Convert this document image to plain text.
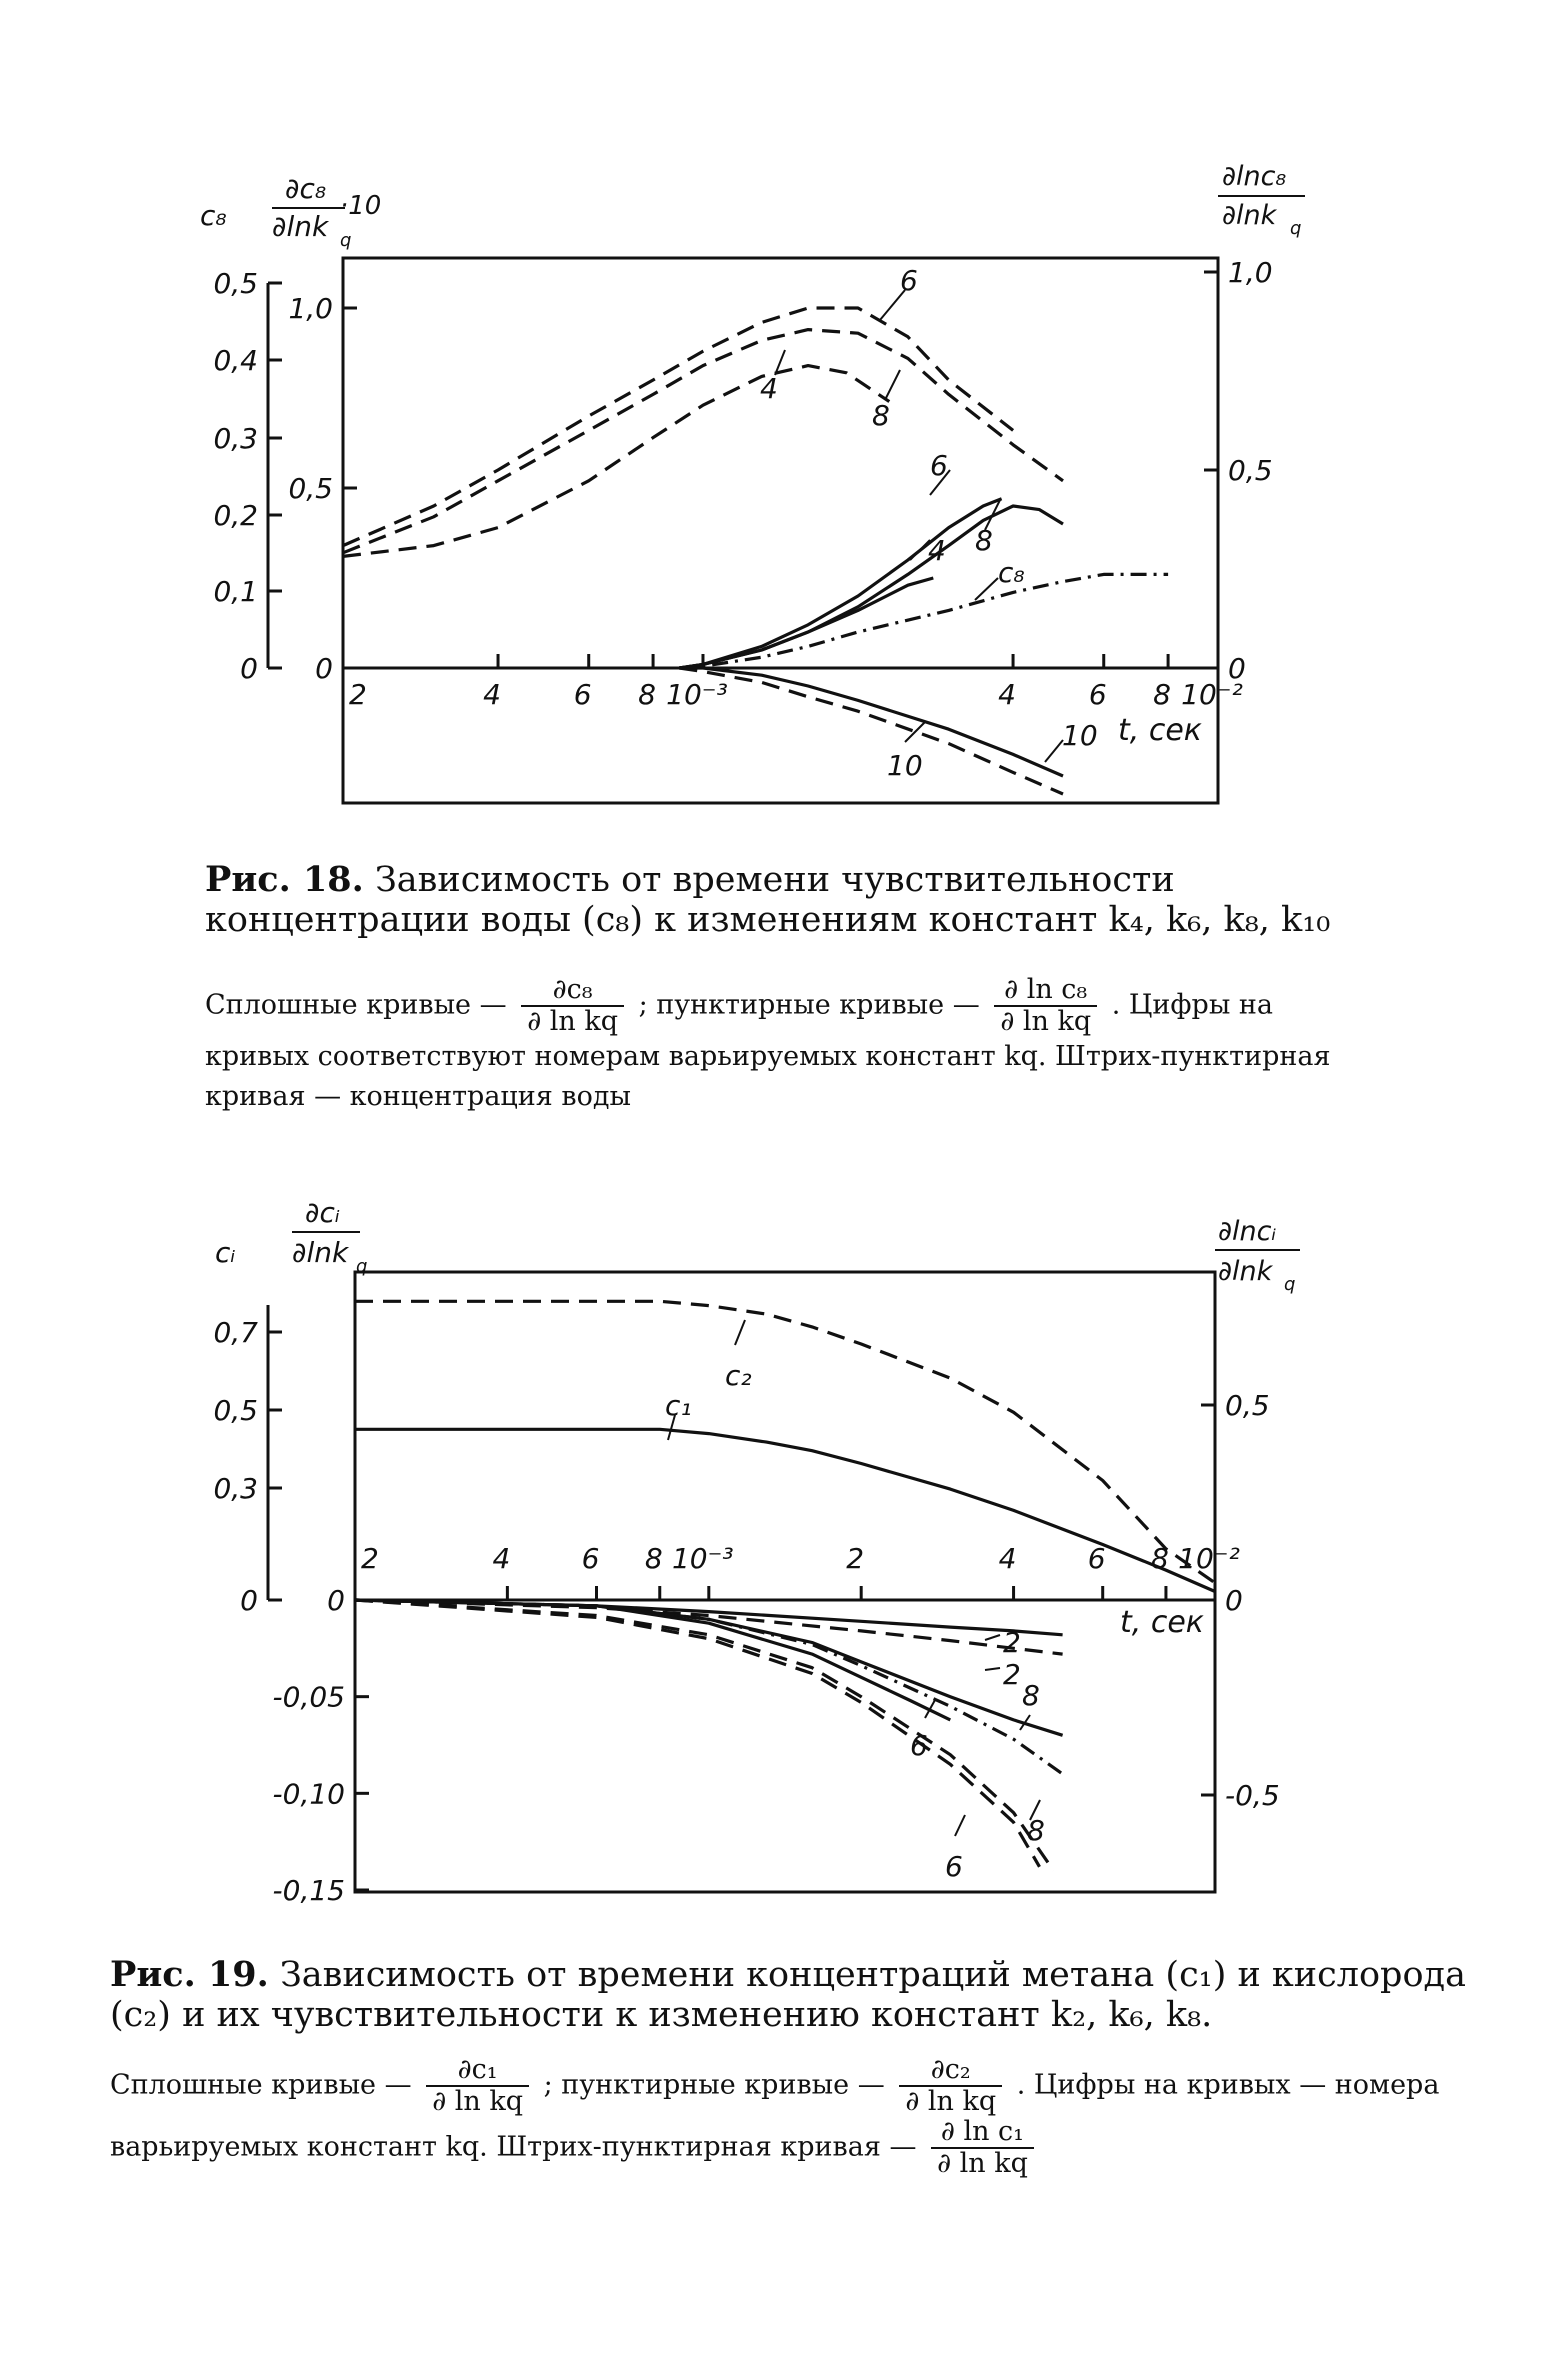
2	4	6 8 10⁻³	4	6 8 10⁻²
0
0,5
1,0
0
0,1
0,2
0,3
0,4
0,5
0
0,5
1,0
6
8
4
6
8
4
c₈
10
10
c₈
∂c₈
∂lnk q
·10
∂lnc₈
∂lnk q
t, сек
2	4	6 8 10⁻³	2	4	6 8 10⁻²
0
-0,05
-0,10
-0,15
0
0,3
0,5
0,7
0
0,5
-0,5
c₂
c₁
2
2
8
6
8
6
cᵢ
∂cᵢ
∂lnk q
∂lncᵢ
∂lnk q
t, сек
Рис. 18. Зависимость от времени чувствительности концентрации воды (c₈) к изменениям констант k₄, k₆, k₈, k₁₀
Сплошные кривые — $\frac{\text{∂c₈}}{\text{∂ ln kq}}$ ; пунктирные кривые — $\frac{\text{∂ ln c₈}}{\text{∂ ln kq}}$ . Цифры на кривых соответствуют номерам варьируемых констант kq. Штрих-пунктирная кривая — концентрация воды
Рис. 19. Зависимость от времени концентраций метана (c₁) и кислорода (c₂) и их чувствительности к изменению констант k₂, k₆, k₈.
Сплошные кривые — $\frac{\text{∂c₁}}{\text{∂ ln kq}}$ ; пунктирные кривые — $\frac{\text{∂c₂}}{\text{∂ ln kq}}$ . Цифры на кривых — номера варьируемых констант kq. Штрих-пунктирная кривая — $\frac{\text{∂ ln c₁}}{\text{∂ ln kq}}$
